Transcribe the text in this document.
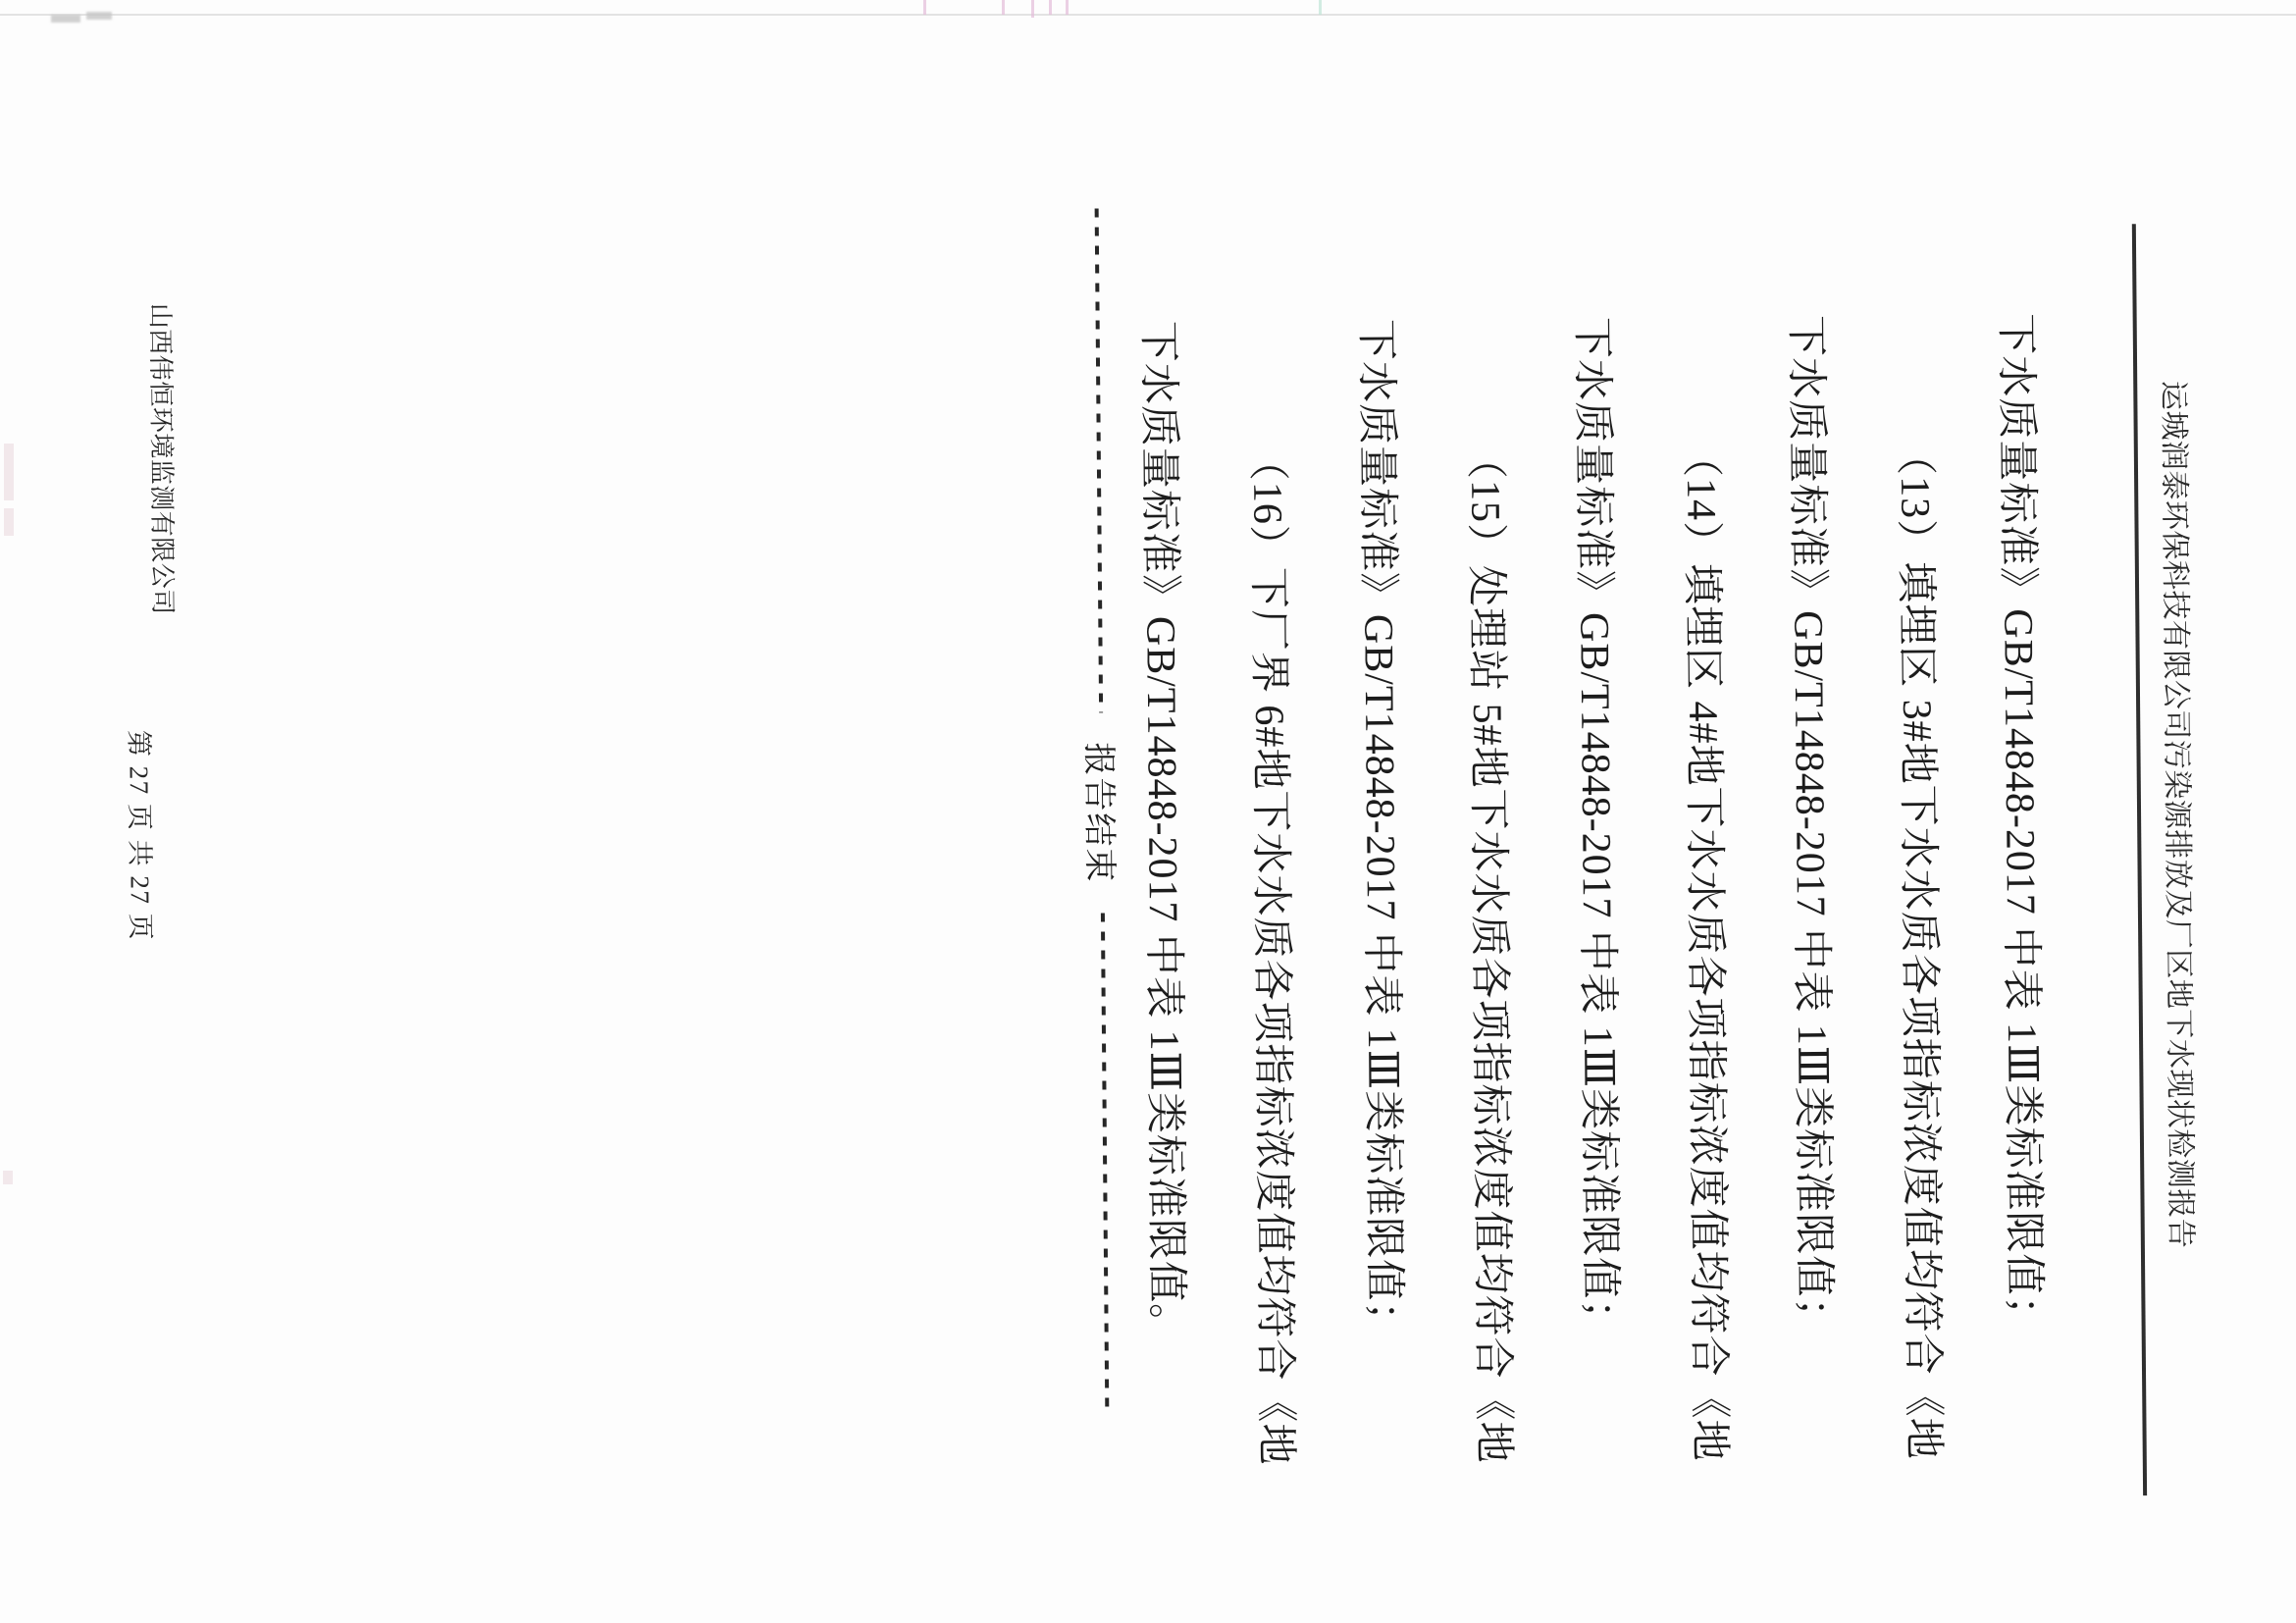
运城润泰环保科技有限公司污染源排放及厂区地下水现状检测报告
下水质量标准》GB/T14848-2017 中表 1Ⅲ类标准限值；
（13）填埋区 3#地下水水质各项指标浓度值均符合《地
下水质量标准》GB/T14848-2017 中表 1Ⅲ类标准限值；
（14）填埋区 4#地下水水质各项指标浓度值均符合《地
下水质量标准》GB/T14848-2017 中表 1Ⅲ类标准限值；
（15）处理站 5#地下水水质各项指标浓度值均符合《地
下水质量标准》GB/T14848-2017 中表 1Ⅲ类标准限值；
（16）下厂界 6#地下水水质各项指标浓度值均符合《地
下水质量标准》GB/T14848-2017 中表 1Ⅲ类标准限值。
报告结束
山西伟恒环境监测有限公司
第 27 页 共 27 页
